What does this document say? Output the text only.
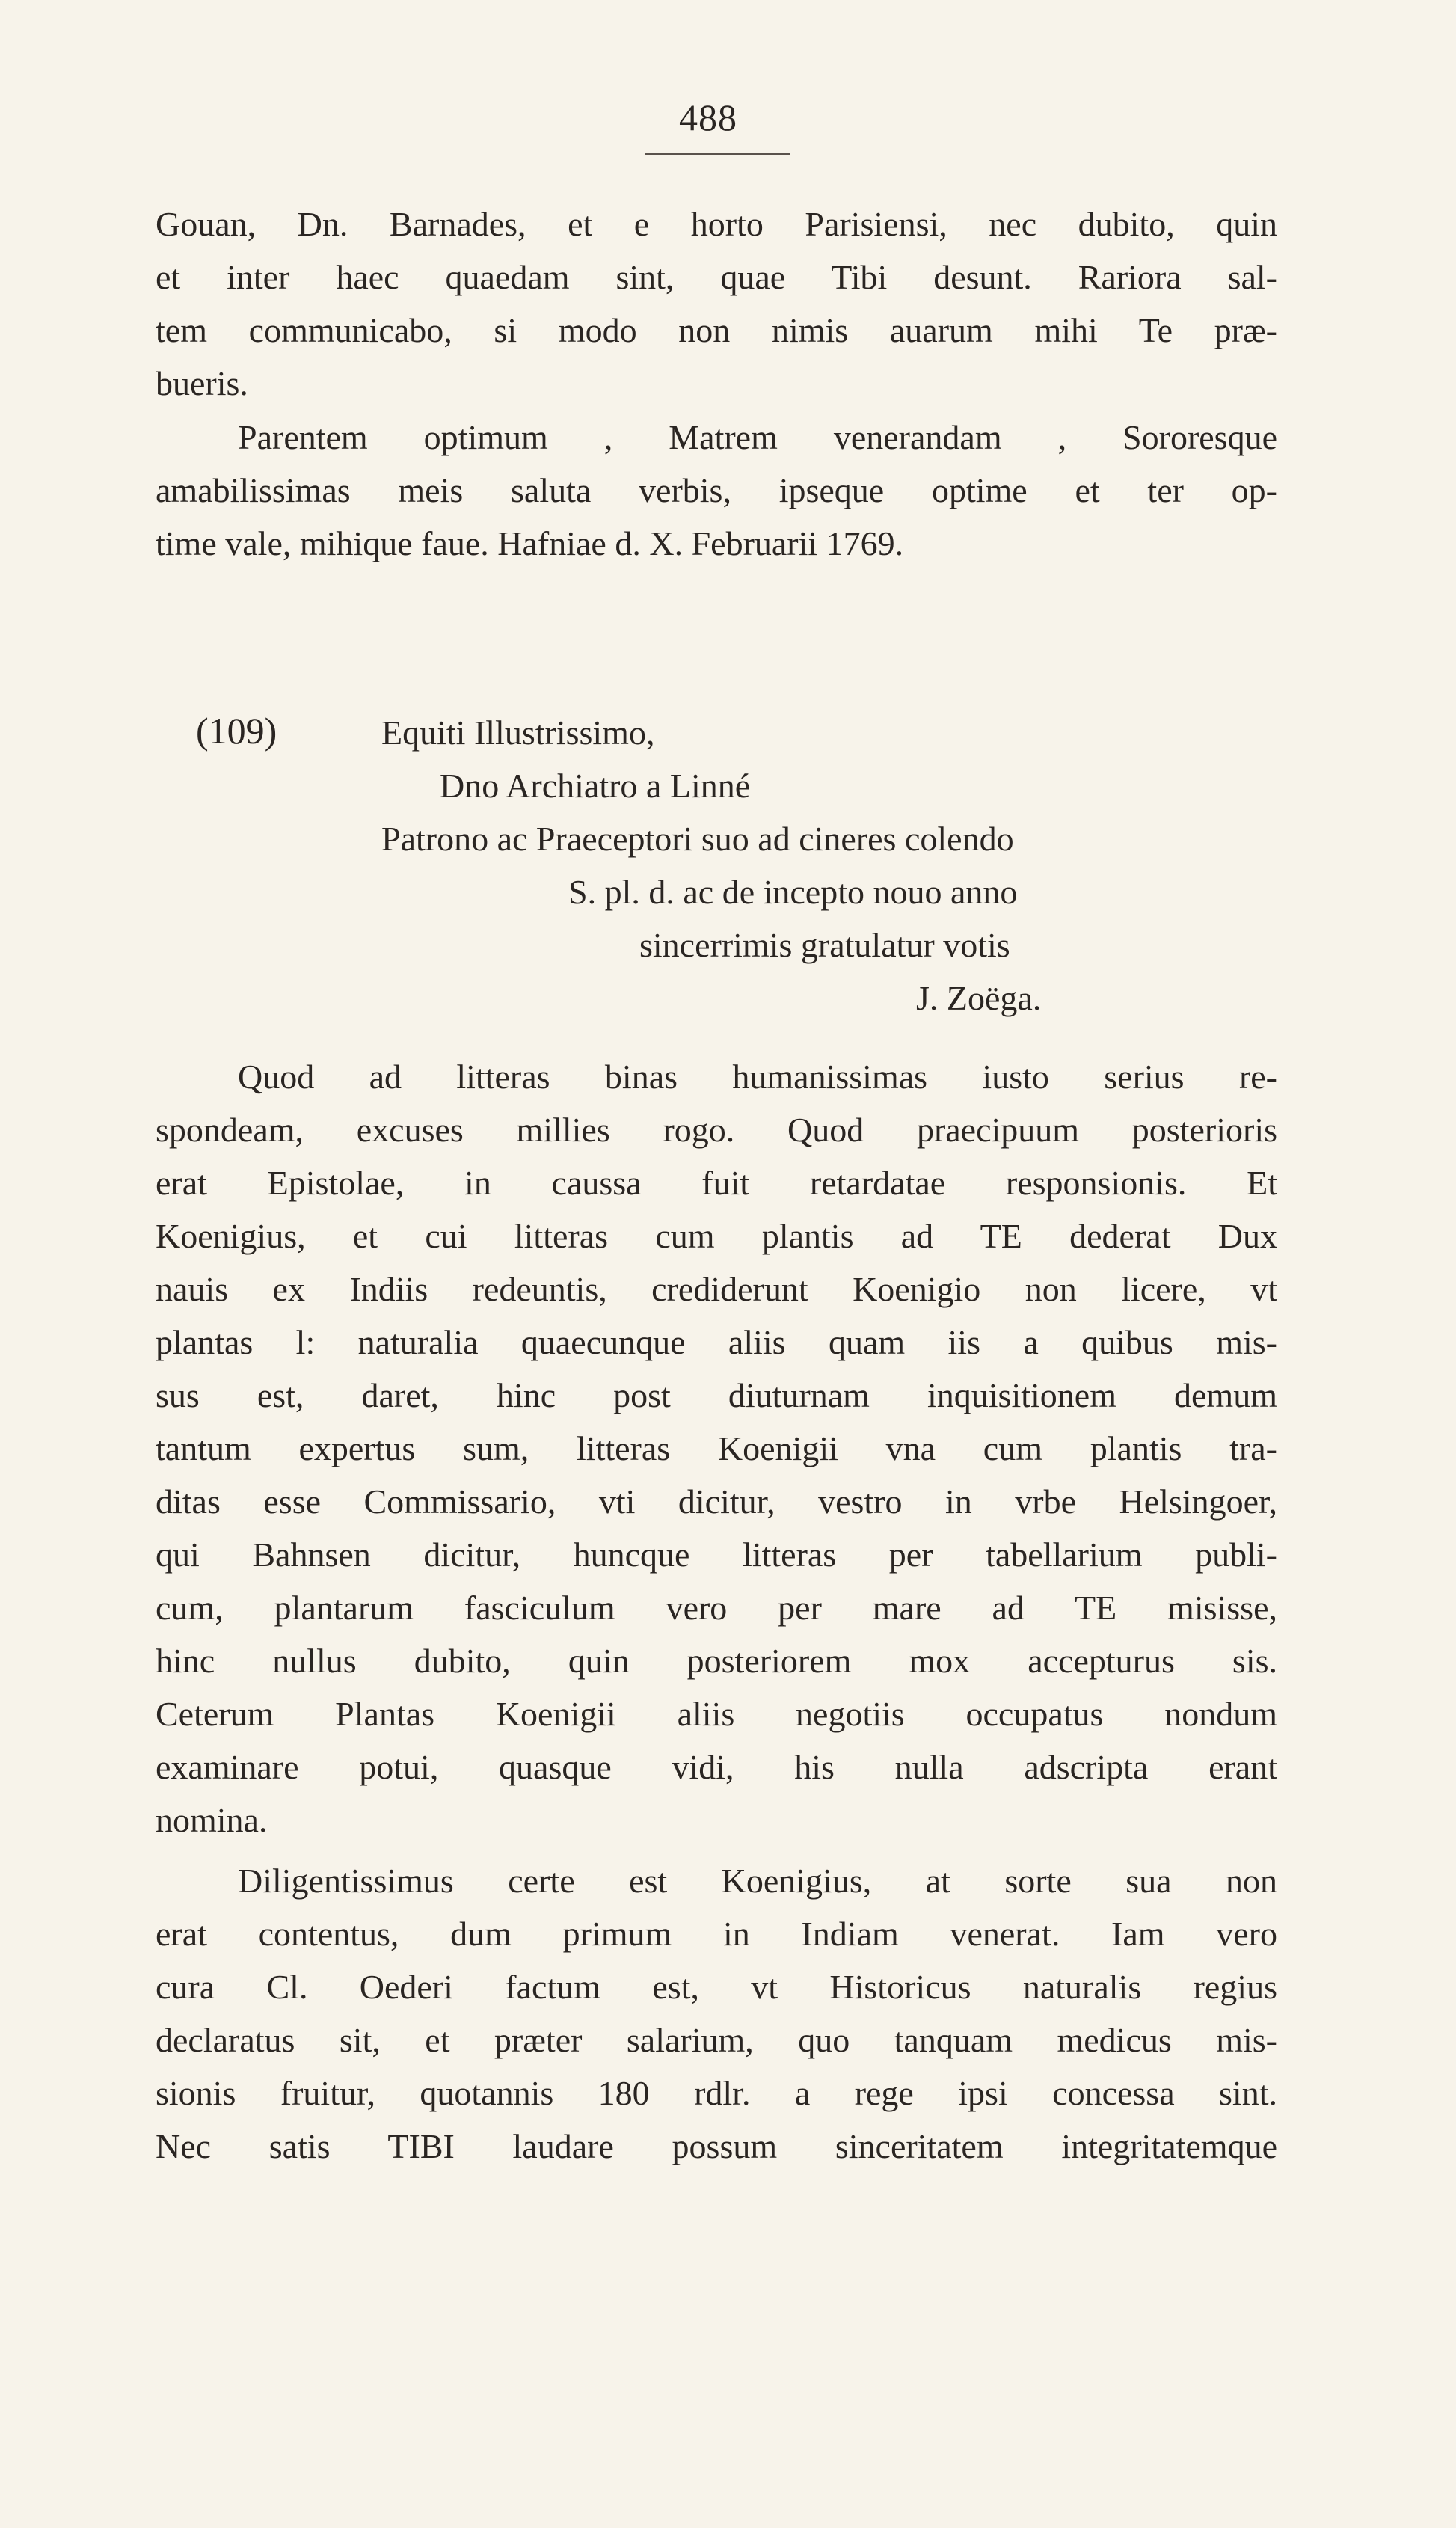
488
Gouan, Dn. Barnades, et e horto Parisiensi, nec dubito, quin
et inter haec quaedam sint, quae Tibi desunt. Rariora sal-
tem communicabo, si modo non nimis auarum mihi Te præ-
bueris.
Parentem optimum , Matrem venerandam , Sororesque
amabilissimas meis saluta verbis, ipseque optime et ter op-
time vale, mihique faue. Hafniae d. X. Februarii 1769.
(109)	Equiti Illustrissimo,
Dno Archiatro a Linné
Patrono ac Praeceptori suo ad cineres colendo
S. pl. d. ac de incepto nouo anno
sincerrimis gratulatur votis
J. Zoëga.
Quod ad litteras binas humanissimas iusto serius re-
spondeam, excuses millies rogo. Quod praecipuum posterioris
erat Epistolae, in caussa fuit retardatae responsionis. Et
Koenigius, et cui litteras cum plantis ad TE dederat Dux
nauis ex Indiis redeuntis, crediderunt Koenigio non licere, vt
plantas l: naturalia quaecunque aliis quam iis a quibus mis-
sus est, daret, hinc post diuturnam inquisitionem demum
tantum expertus sum, litteras Koenigii vna cum plantis tra-
ditas esse Commissario, vti dicitur, vestro in vrbe Helsingoer,
qui Bahnsen dicitur, huncque litteras per tabellarium publi-
cum, plantarum fasciculum vero per mare ad TE misisse,
hinc nullus dubito, quin posteriorem mox accepturus sis.
Ceterum Plantas Koenigii aliis negotiis occupatus nondum
examinare potui, quasque vidi, his nulla adscripta erant
nomina.
Diligentissimus certe est Koenigius, at sorte sua non
erat contentus, dum primum in Indiam venerat. Iam vero
cura Cl. Oederi factum est, vt Historicus naturalis regius
declaratus sit, et præter salarium, quo tanquam medicus mis-
sionis fruitur, quotannis 180 rdlr. a rege ipsi concessa sint.
Nec satis TIBI laudare possum sinceritatem integritatemque
